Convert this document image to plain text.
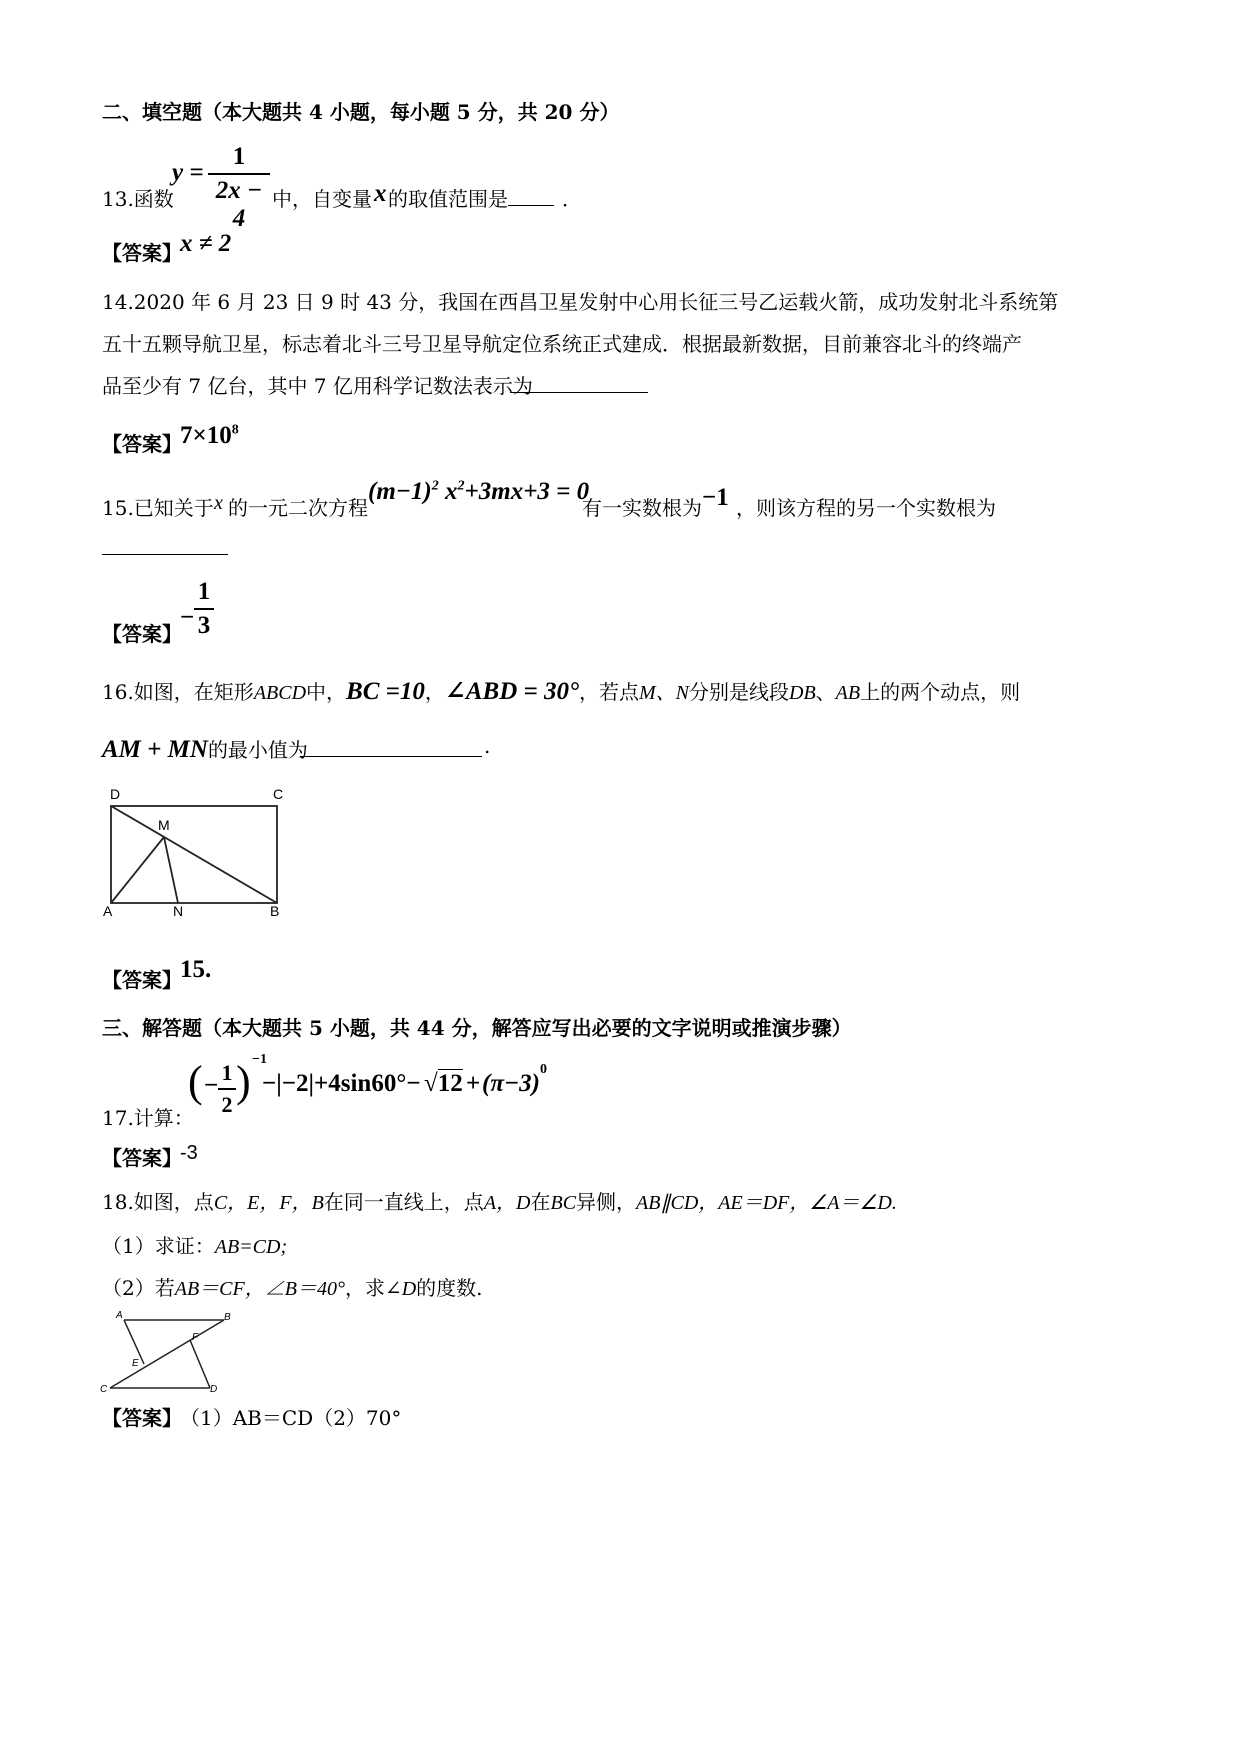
二、填空题（本大题共 4 小题，每小题 5 分，共 20 分）
13.函数
y =
1
2x − 4
中，自变量 x 的取值范围是	．
【答案】
x ≠ 2
14.2020 年 6 月 23 日 9 时 43 分，我国在西昌卫星发射中心用长征三号乙运载火箭，成功发射北斗系统第
五十五颗导航卫星，标志着北斗三号卫星导航定位系统正式建成．根据最新数据，目前兼容北斗的终端产
品至少有 7 亿台，其中 7 亿用科学记数法表示为
【答案】
$7\times 10^8$
15.已知关于 x 的一元二次方程
$(m-1)^2$ $x^2+3mx+3 = 0$
有一实数根为 −1 ，则该方程的另一个实数根为
【答案】
−
1
3
16.如图，在矩形ABCD中，BC =10，∠ABD = 30°，若点M、N分别是线段DB、AB上的两个动点，则
AM + MN的最小值为	.
D	C
M
A	N	B
【答案】
15.
三、解答题（本大题共 5 小题，共 44 分，解答应写出必要的文字说明或推演步骤）
17.计算：
( − 1
2 ) −1
−|−2|+4sin60°− √12 + (π−3)
0
【答案】
-3
18.如图，点C，E，F，B在同一直线上，点A，D在BC异侧，AB∥CD，AE＝DF，∠A＝∠D.
（1）求证：AB=CD;
（2）若AB＝CF，∠B＝40°，求∠D的度数.
A	B
F
E
C	D
【答案】
（1）AB＝CD（2）70°
